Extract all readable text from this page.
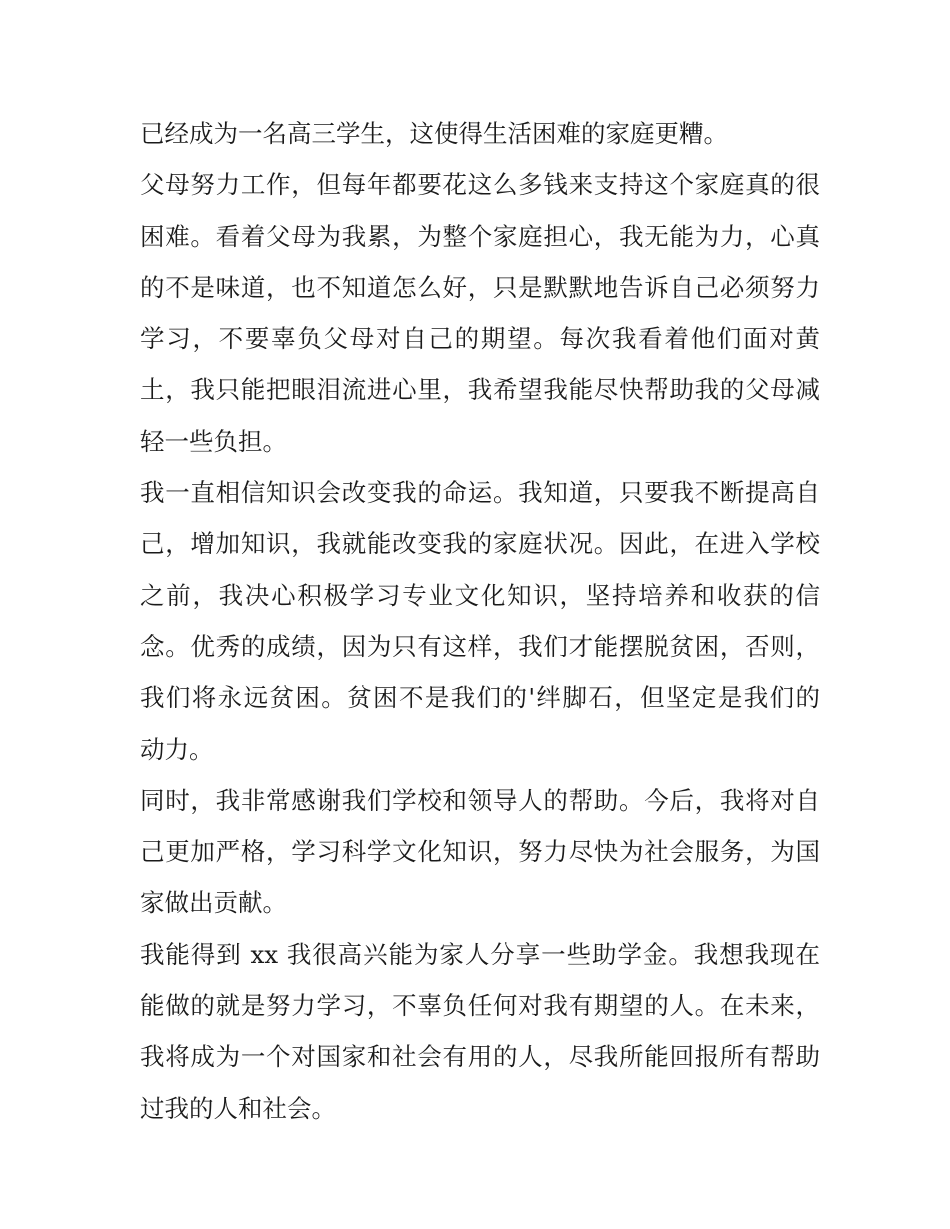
已经成为一名高三学生，这使得生活困难的家庭更糟。
父母努力工作，但每年都要花这么多钱来支持这个家庭真的很
困难。看着父母为我累，为整个家庭担心，我无能为力，心真
的不是味道，也不知道怎么好，只是默默地告诉自己必须努力
学习，不要辜负父母对自己的期望。每次我看着他们面对黄
土，我只能把眼泪流进心里，我希望我能尽快帮助我的父母减
轻一些负担。
我一直相信知识会改变我的命运。我知道，只要我不断提高自
己，增加知识，我就能改变我的家庭状况。因此，在进入学校
之前，我决心积极学习专业文化知识，坚持培养和收获的信
念。优秀的成绩，因为只有这样，我们才能摆脱贫困，否则，
我们将永远贫困。贫困不是我们的'绊脚石，但坚定是我们的
动力。
同时，我非常感谢我们学校和领导人的帮助。今后，我将对自
己更加严格，学习科学文化知识，努力尽快为社会服务，为国
家做出贡献。
我能得到 xx 我很高兴能为家人分享一些助学金。我想我现在
能做的就是努力学习，不辜负任何对我有期望的人。在未来，
我将成为一个对国家和社会有用的人，尽我所能回报所有帮助
过我的人和社会。
